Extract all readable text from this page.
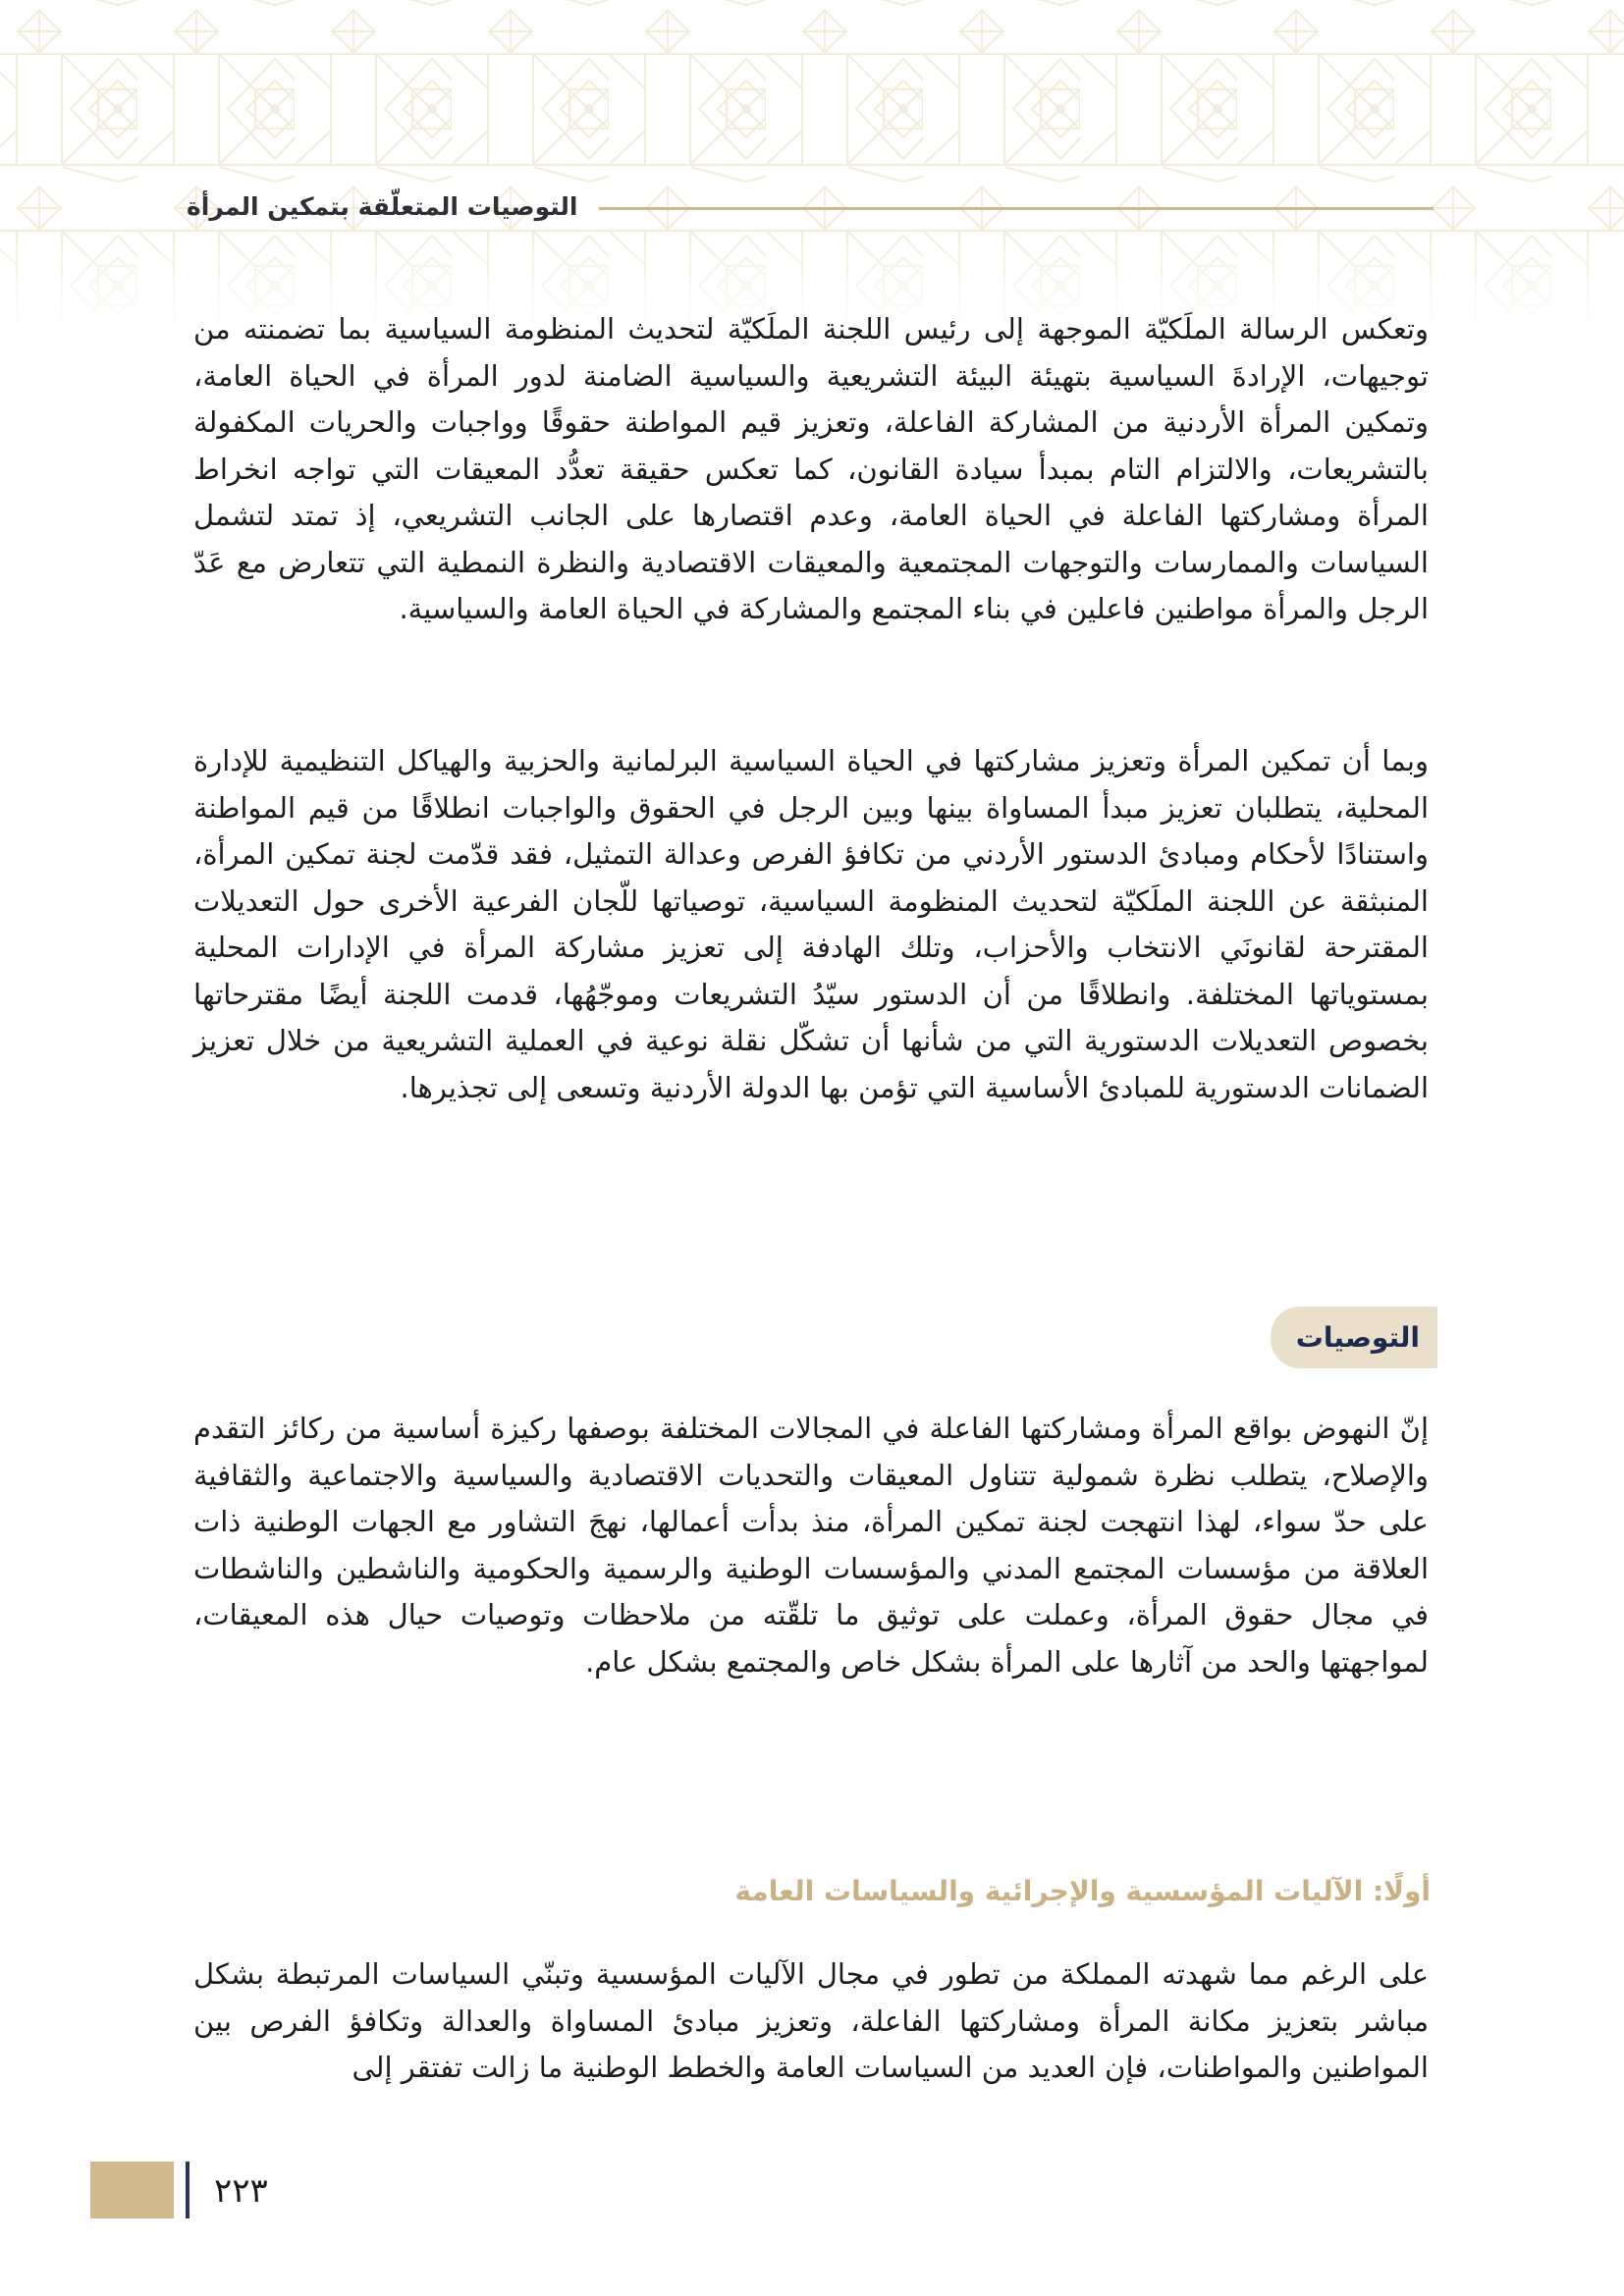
التوصيات المتعلّقة بتمكين المرأة

وتعكس الرسالة الملَكيّة الموجهة إلى رئيس اللجنة الملَكيّة لتحديث المنظومة السياسية بما تضمنته من توجيهات، الإرادةَ السياسية بتهيئة البيئة التشريعية والسياسية الضامنة لدور المرأة في الحياة العامة، وتمكين المرأة الأردنية من المشاركة الفاعلة، وتعزيز قيم المواطنة حقوقًا وواجبات والحريات المكفولة بالتشريعات، والالتزام التام بمبدأ سيادة القانون، كما تعكس حقيقة تعدُّد المعيقات التي تواجه انخراط المرأة ومشاركتها الفاعلة في الحياة العامة، وعدم اقتصارها على الجانب التشريعي، إذ تمتد لتشمل السياسات والممارسات والتوجهات المجتمعية والمعيقات الاقتصادية والنظرة النمطية التي تتعارض مع عَدّ الرجل والمرأة مواطنين فاعلين في بناء المجتمع والمشاركة في الحياة العامة والسياسية.

وبما أن تمكين المرأة وتعزيز مشاركتها في الحياة السياسية البرلمانية والحزبية والهياكل التنظيمية للإدارة المحلية، يتطلبان تعزيز مبدأ المساواة بينها وبين الرجل في الحقوق والواجبات انطلاقًا من قيم المواطنة واستنادًا لأحكام ومبادئ الدستور الأردني من تكافؤ الفرص وعدالة التمثيل، فقد قدّمت لجنة تمكين المرأة، المنبثقة عن اللجنة الملَكيّة لتحديث المنظومة السياسية، توصياتها للّجان الفرعية الأخرى حول التعديلات المقترحة لقانونَي الانتخاب والأحزاب، وتلك الهادفة إلى تعزيز مشاركة المرأة في الإدارات المحلية بمستوياتها المختلفة. وانطلاقًا من أن الدستور سيّدُ التشريعات وموجّهُها، قدمت اللجنة أيضًا مقترحاتها بخصوص التعديلات الدستورية التي من شأنها أن تشكّل نقلة نوعية في العملية التشريعية من خلال تعزيز الضمانات الدستورية للمبادئ الأساسية التي تؤمن بها الدولة الأردنية وتسعى إلى تجذيرها.

التوصيات

إنّ النهوض بواقع المرأة ومشاركتها الفاعلة في المجالات المختلفة بوصفها ركيزة أساسية من ركائز التقدم والإصلاح، يتطلب نظرة شمولية تتناول المعيقات والتحديات الاقتصادية والسياسية والاجتماعية والثقافية على حدّ سواء، لهذا انتهجت لجنة تمكين المرأة، منذ بدأت أعمالها، نهجَ التشاور مع الجهات الوطنية ذات العلاقة من مؤسسات المجتمع المدني والمؤسسات الوطنية والرسمية والحكومية والناشطين والناشطات في مجال حقوق المرأة، وعملت على توثيق ما تلقّته من ملاحظات وتوصيات حيال هذه المعيقات، لمواجهتها والحد من آثارها على المرأة بشكل خاص والمجتمع بشكل عام.

أولًا: الآليات المؤسسية والإجرائية والسياسات العامة

على الرغم مما شهدته المملكة من تطور في مجال الآليات المؤسسية وتبنّي السياسات المرتبطة بشكل مباشر بتعزيز مكانة المرأة ومشاركتها الفاعلة، وتعزيز مبادئ المساواة والعدالة وتكافؤ الفرص بين المواطنين والمواطنات، فإن العديد من السياسات العامة والخطط الوطنية ما زالت تفتقر إلى

٢٢٣
